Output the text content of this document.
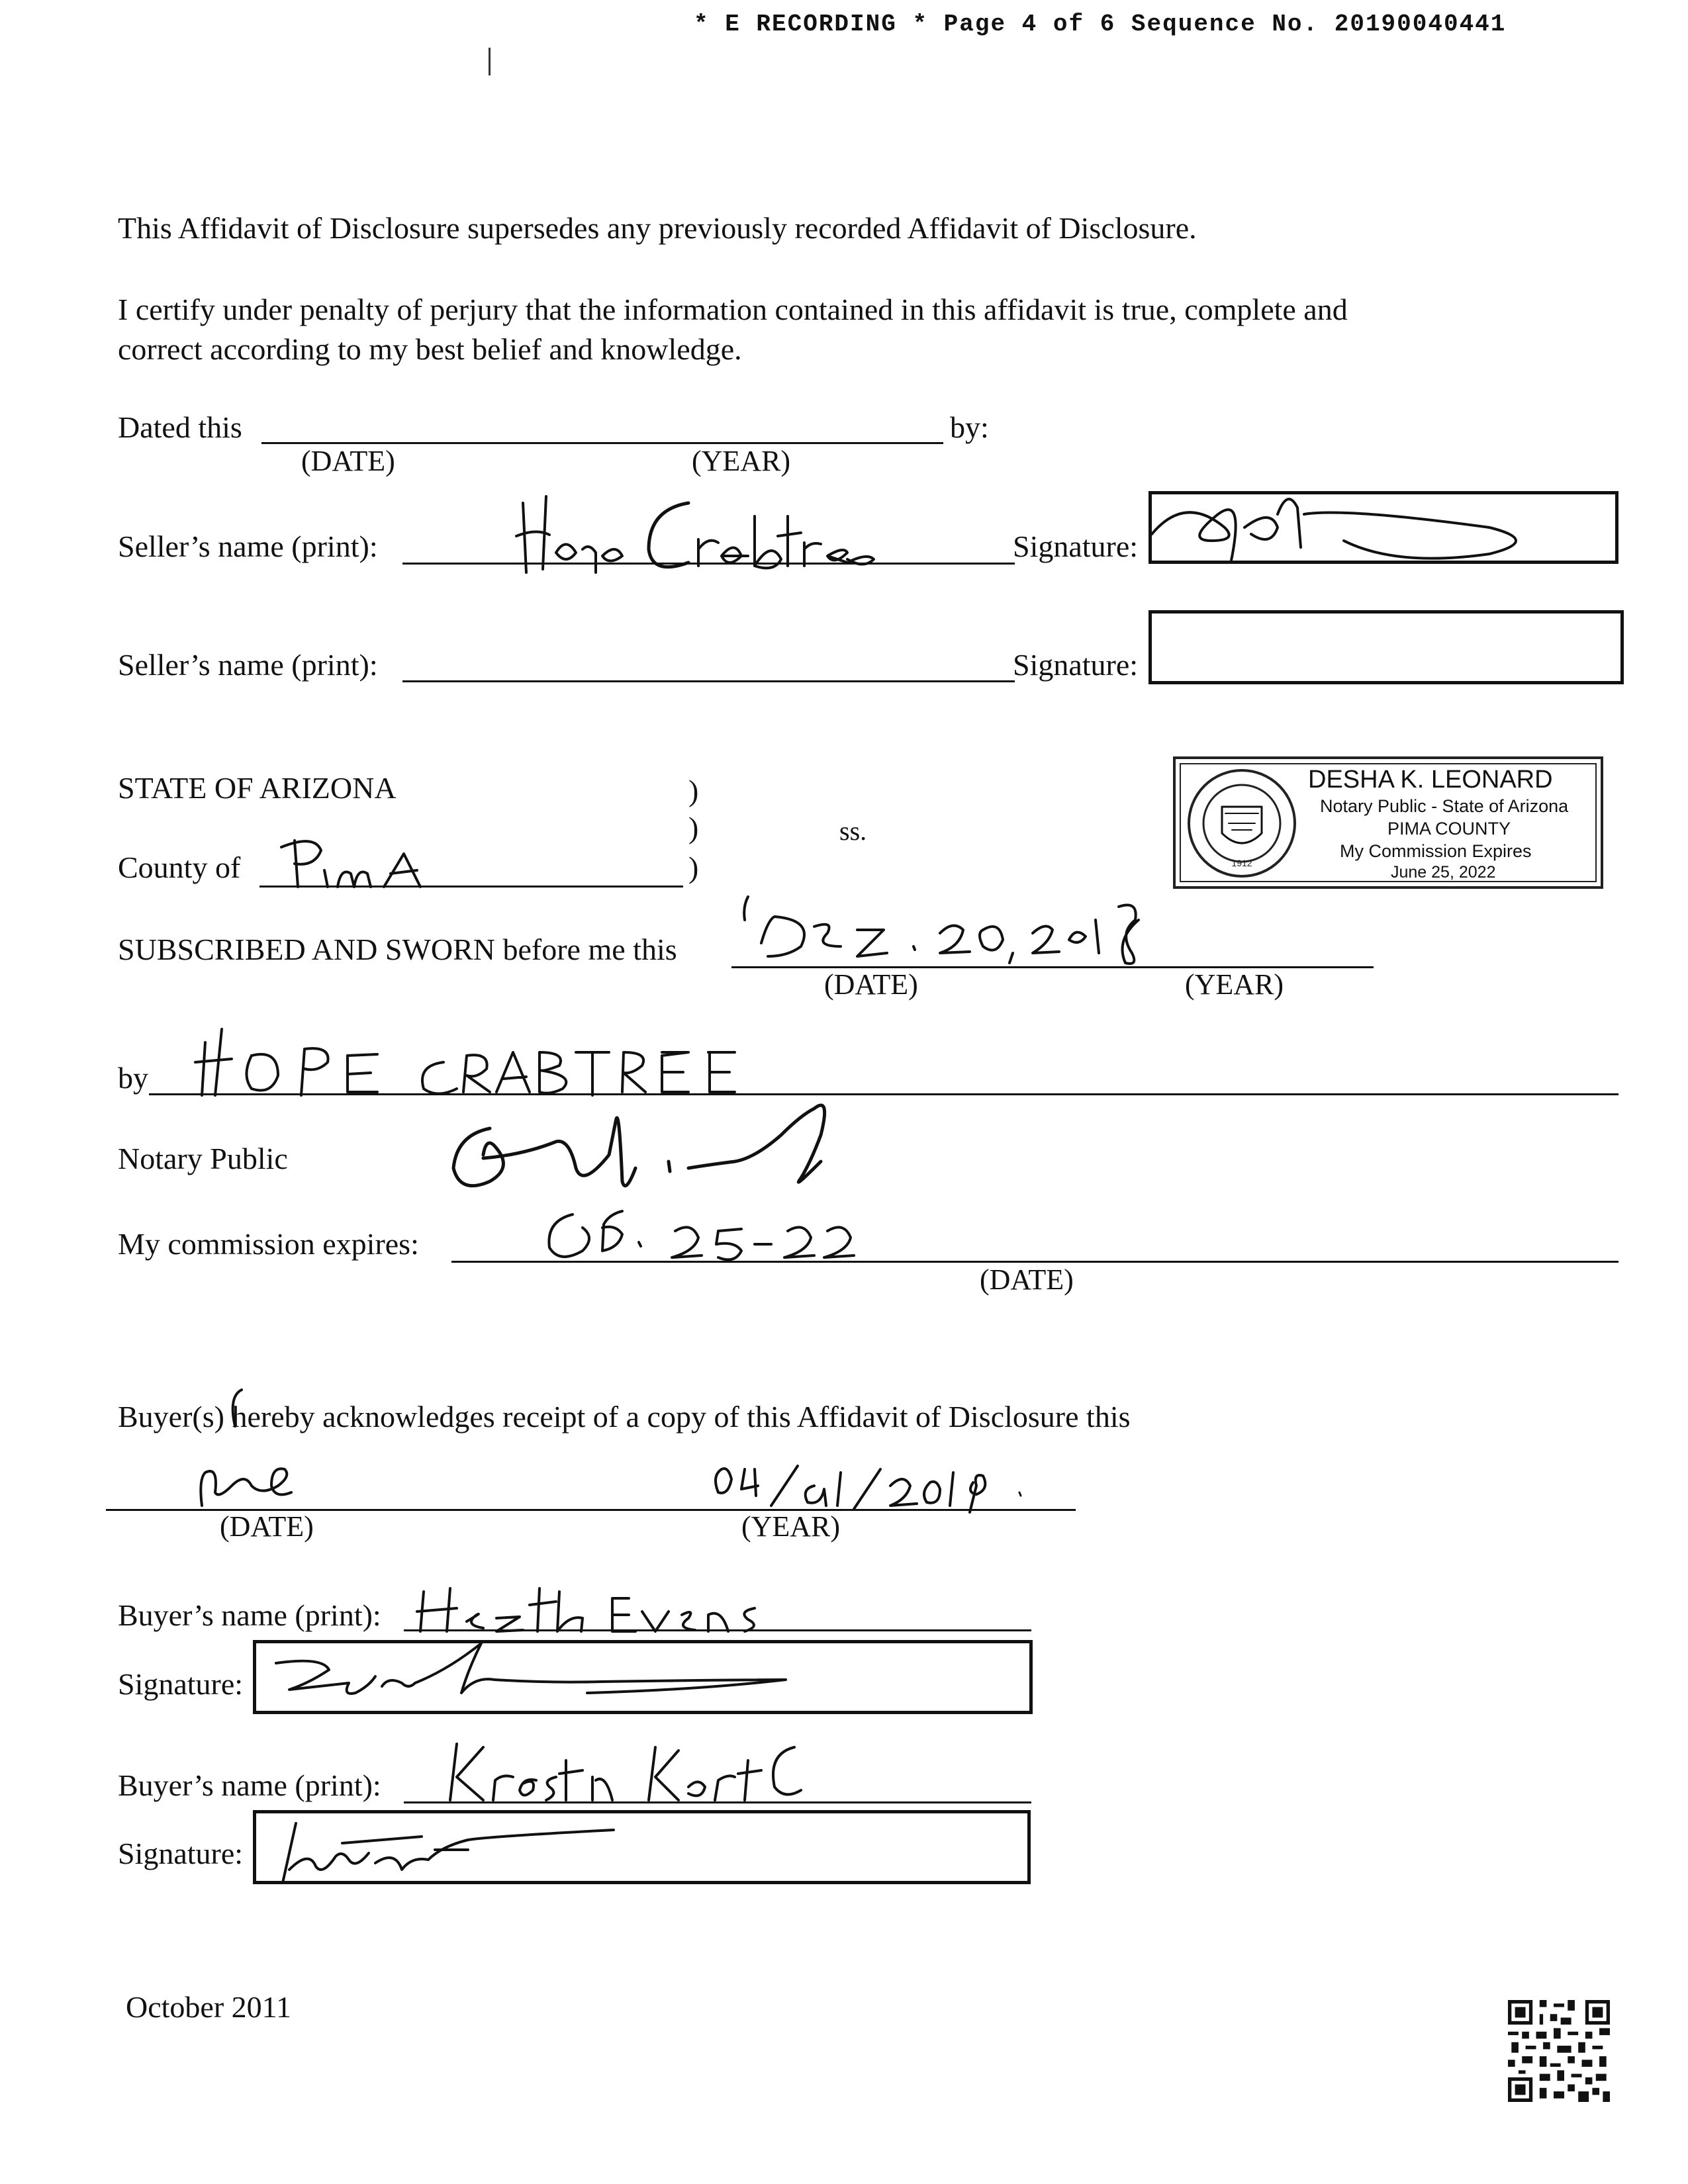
* E RECORDING * Page 4 of 6 Sequence No. 20190040441
This Affidavit of Disclosure supersedes any previously recorded Affidavit of Disclosure.
I certify under penalty of perjury that the information contained in this affidavit is true, complete and
correct according to my best belief and knowledge.
Dated this	by:
(DATE)	(YEAR)
Seller’s name (print):	Signature:
Seller’s name (print):	Signature:
STATE OF ARIZONA	)
)
)
ss.
County of	1912
DESHA K. LEONARD
Notary Public - State of Arizona
PIMA COUNTY
My Commission Expires
June 25, 2022
SUBSCRIBED AND SWORN before me this
(DATE)	(YEAR)
by
Notary Public
My commission expires:
(DATE)
Buyer(s) hereby acknowledges receipt of a copy of this Affidavit of Disclosure this
(DATE)	(YEAR)
Buyer’s name (print):
Signature:
Buyer’s name (print):
Signature:
October 2011
